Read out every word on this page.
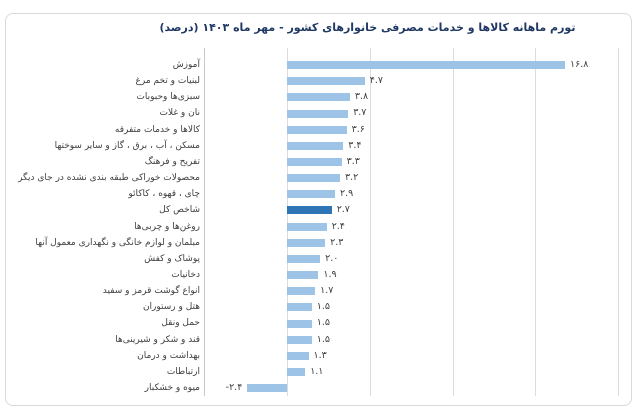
تورم ماهانه کالاها و خدمات مصرفی خانوارهای کشور - مهر ماه ۱۴۰۳ (درصد)
آموزش	۱۶.۸
لبنیات و تخم مرغ	۴.۷
سبزی‌ها وحبوبات	۳.۸
نان و غلات	۳.۷
کالاها و خدمات متفرقه	۳.۶
مسکن ، آب ، برق ، گاز و سایر سوختها	۳.۴
تفریح و فرهنگ	۳.۳
محصولات خوراکی طبقه بندی نشده در جای دیگر	۳.۲
چای ، قهوه ، کاکائو	۲.۹
شاخص کل	۲.۷
روغن‌ها و چربی‌ها	۲.۴
مبلمان و لوازم خانگی و نگهداری معمول آنها	۲.۳
پوشاک و کفش	۲.۰
دخانیات	۱.۹
انواع گوشت قرمز و سفید	۱.۷
هتل و رستوران	۱.۵
حمل ونقل	۱.۵
قند و شکر و شیرینی‌ها	۱.۵
بهداشت و درمان	۱.۳
ارتباطات	۱.۱
میوه و خشکبار	-۲.۴
